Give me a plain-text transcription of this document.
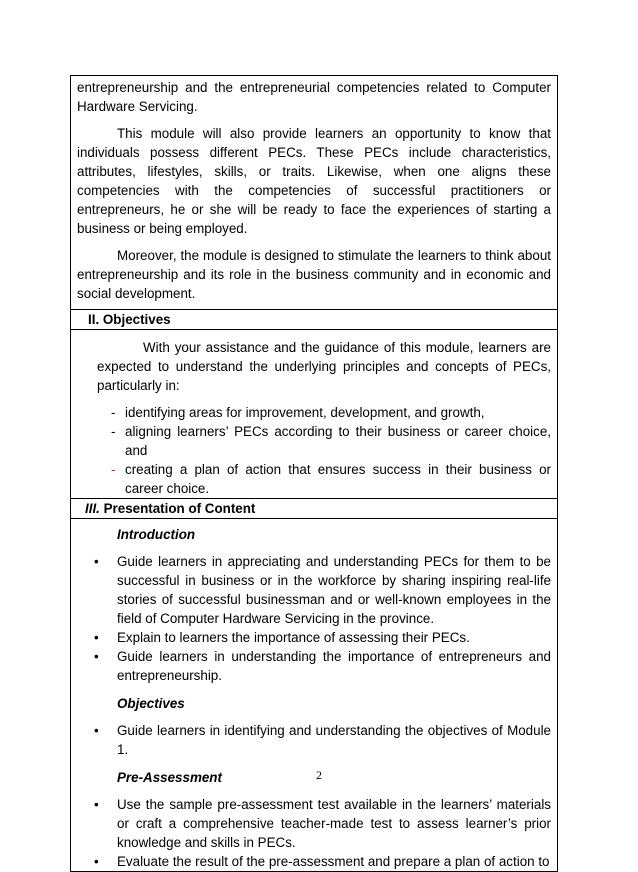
entrepreneurship and the entrepreneurial competencies related to Computer Hardware Servicing.

This module will also provide learners an opportunity to know that individuals possess different PECs. These PECs include characteristics, attributes, lifestyles, skills, or traits. Likewise, when one aligns these competencies with the competencies of successful practitioners or entrepreneurs, he or she will be ready to face the experiences of starting a business or being employed.

Moreover, the module is designed to stimulate the learners to think about entrepreneurship and its role in the business community and in economic and social development.

II. Objectives

With your assistance and the guidance of this module, learners are expected to understand the underlying principles and concepts of PECs, particularly in:

- identifying areas for improvement, development, and growth,
- aligning learners’ PECs according to their business or career choice, and
- creating a plan of action that ensures success in their business or career choice.

III. Presentation of Content

Introduction

• Guide learners in appreciating and understanding PECs for them to be successful in business or in the workforce by sharing inspiring real-life stories of successful businessman and or well-known employees in the field of Computer Hardware Servicing in the province.
• Explain to learners the importance of assessing their PECs.
• Guide learners in understanding the importance of entrepreneurs and entrepreneurship.

Objectives

• Guide learners in identifying and understanding the objectives of Module 1.

Pre-Assessment

• Use the sample pre-assessment test available in the learners’ materials or craft a comprehensive teacher-made test to assess learner’s prior knowledge and skills in PECs.
• Evaluate the result of the pre-assessment and prepare a plan of action to
2
